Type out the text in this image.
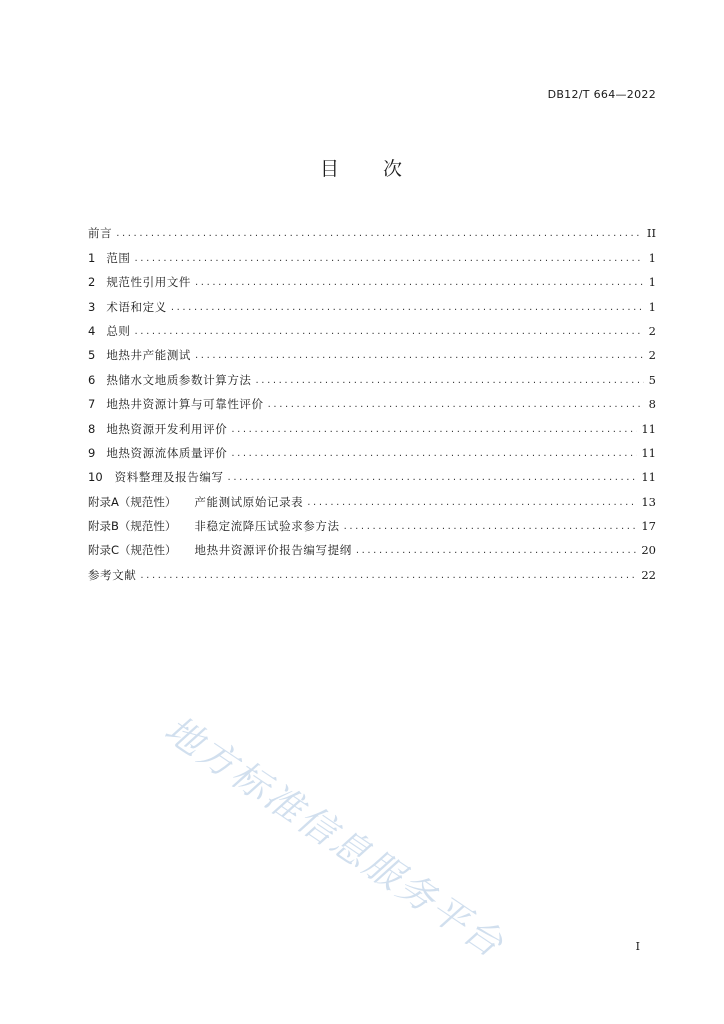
DB12/T 664—2022
目 次
前言 .....	II
1 范围 .....	1
2 规范性引用文件 .....	1
3 术语和定义 .....	1
4 总则 .....	2
5 地热井产能测试 .....	2
6 热储水文地质参数计算方法 .....	5
7 地热井资源计算与可靠性评价 .....	8
8 地热资源开发利用评价 .....	11
9 地热资源流体质量评价 .....	11
10 资料整理及报告编写 .....	11
附录A（规范性） 产能测试原始记录表 .....	13
附录B（规范性） 非稳定流降压试验求参方法 .....	17
附录C（规范性） 地热井资源评价报告编写提纲 .....	20
参考文献 .....	22
地方标准信息服务平台	I
